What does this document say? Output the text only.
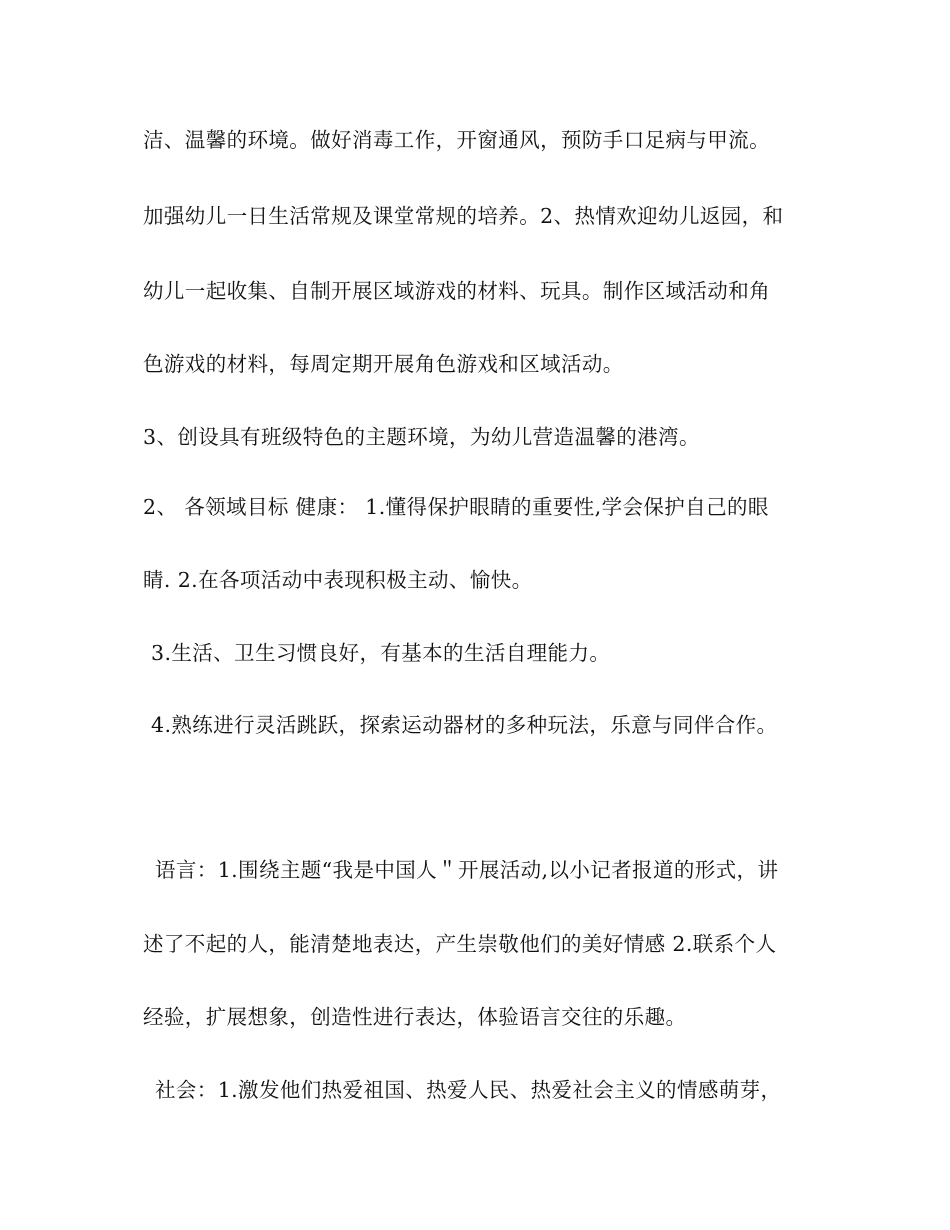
洁、温馨的环境。做好消毒工作，开窗通风，预防手口足病与甲流。
加强幼儿一日生活常规及课堂常规的培养。2、热情欢迎幼儿返园，和
幼儿一起收集、自制开展区域游戏的材料、玩具。制作区域活动和角
色游戏的材料，每周定期开展角色游戏和区域活动。
3、创设具有班级特色的主题环境，为幼儿营造温馨的港湾。
2、 各领域目标 健康： 1.懂得保护眼睛的重要性,学会保护自己的眼
睛. 2.在各项活动中表现积极主动、愉快。
3.生活、卫生习惯良好，有基本的生活自理能力。
4.熟练进行灵活跳跃，探索运动器材的多种玩法，乐意与同伴合作。
语言：1.围绕主题“我是中国人＂开展活动,以小记者报道的形式，讲
述了不起的人，能清楚地表达，产生崇敬他们的美好情感 2.联系个人
经验，扩展想象，创造性进行表达，体验语言交往的乐趣。
社会：1.激发他们热爱祖国、热爱人民、热爱社会主义的情感萌芽，
